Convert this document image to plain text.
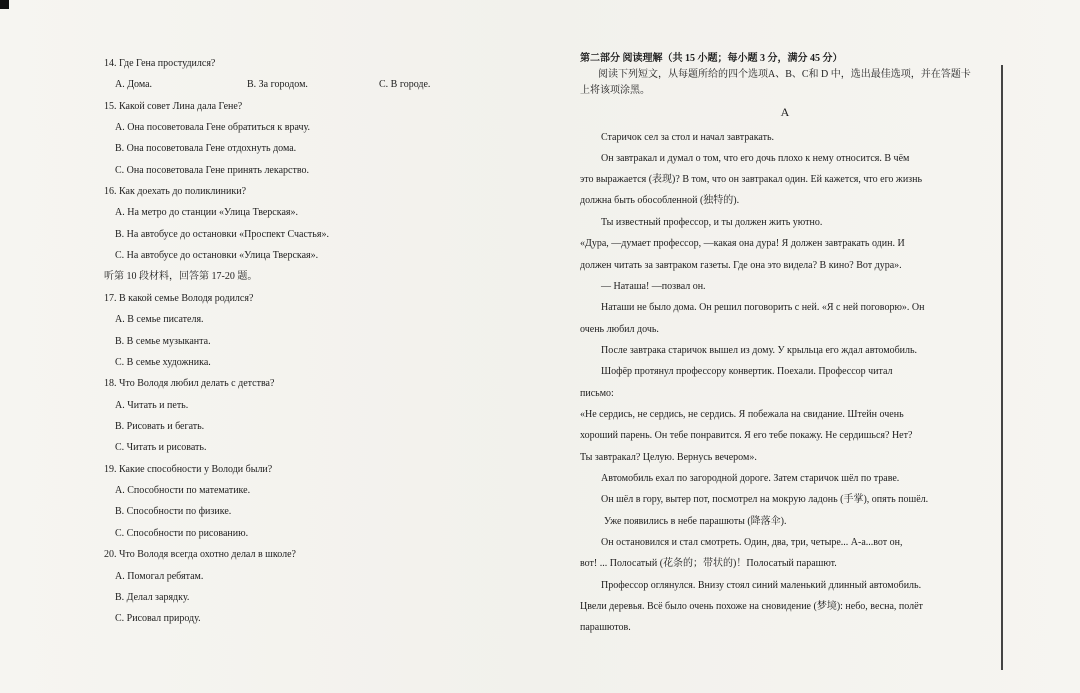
14. Где Гена простудился?
A. Дома.	B. За городом.	C. В городе.
15. Какой совет Лина дала Гене?
A. Она посоветовала Гене обратиться к врачу.
B. Она посоветовала Гене отдохнуть дома.
C. Она посоветовала Гене принять лекарство.
16. Как доехать до поликлиники?
A. На метро до станции «Улица Тверская».
B. На автобусе до остановки «Проспект Счастья».
C. На автобусе до остановки «Улица Тверская».
听第 10 段材料，回答第 17-20 题。
17. В какой семье Володя родился?
A. В семье писателя.
B. В семье музыканта.
C. В семье художника.
18. Что Володя любил делать с детства?
A. Читать и петь.
B. Рисовать и бегать.
C. Читать и рисовать.
19. Какие способности у Володи были?
A. Способности по математике.
B. Способности по физике.
C. Способности по рисованию.
20. Что Володя всегда охотно делал в школе?
A. Помогал ребятам.
B. Делал зарядку.
C. Рисовал природу.
第二部分 阅读理解（共 15 小题；每小题 3 分，满分 45 分）
阅读下列短文，从每题所给的四个选项A、B、C和 D 中，选出最佳选项，并在答题卡
上将该项涂黑。
A
Старичок сел за стол и начал завтракать.
Он завтракал и думал о том, что его дочь плохо к нему относится. В чём
это выражается (表现)? В том, что он завтракал один. Ей кажется, что его жизнь
должна быть обособленной (独特的).
Ты известный профессор, и ты должен жить уютно.
«Дура, —думает профессор, —какая она дура! Я должен завтракать один. И
должен читать за завтраком газеты. Где она это видела? В кино? Вот дура».
— Наташа! —позвал он.
Наташи не было дома. Он решил поговорить с ней. «Я с ней поговорю». Он
очень любил дочь.
После завтрака старичок вышел из дому. У крыльца его ждал автомобиль.
Шофёр протянул профессору конвертик. Поехали. Профессор читал
письмо:
«Не сердись, не сердись, не сердись. Я побежала на свидание. Штейн очень
хороший парень. Он тебе понравится. Я его тебе покажу. Не сердишься? Нет?
Ты завтракал? Целую. Вернусь вечером».
Автомобиль ехал по загородной дороге. Затем старичок шёл по траве.
Он шёл в гору, вытер пот, посмотрел на мокрую ладонь (手掌), опять пошёл.
Уже появились в небе парашюты (降落伞).
Он остановился и стал смотреть. Один, два, три, четыре... А-а...вот он,
вот! ... Полосатый (花条的；带状的)！Полосатый парашют.
Профессор оглянулся. Внизу стоял синий маленький длинный автомобиль.
Цвели деревья. Всё было очень похоже на сновидение (梦境): небо, весна, полёт
парашютов.
